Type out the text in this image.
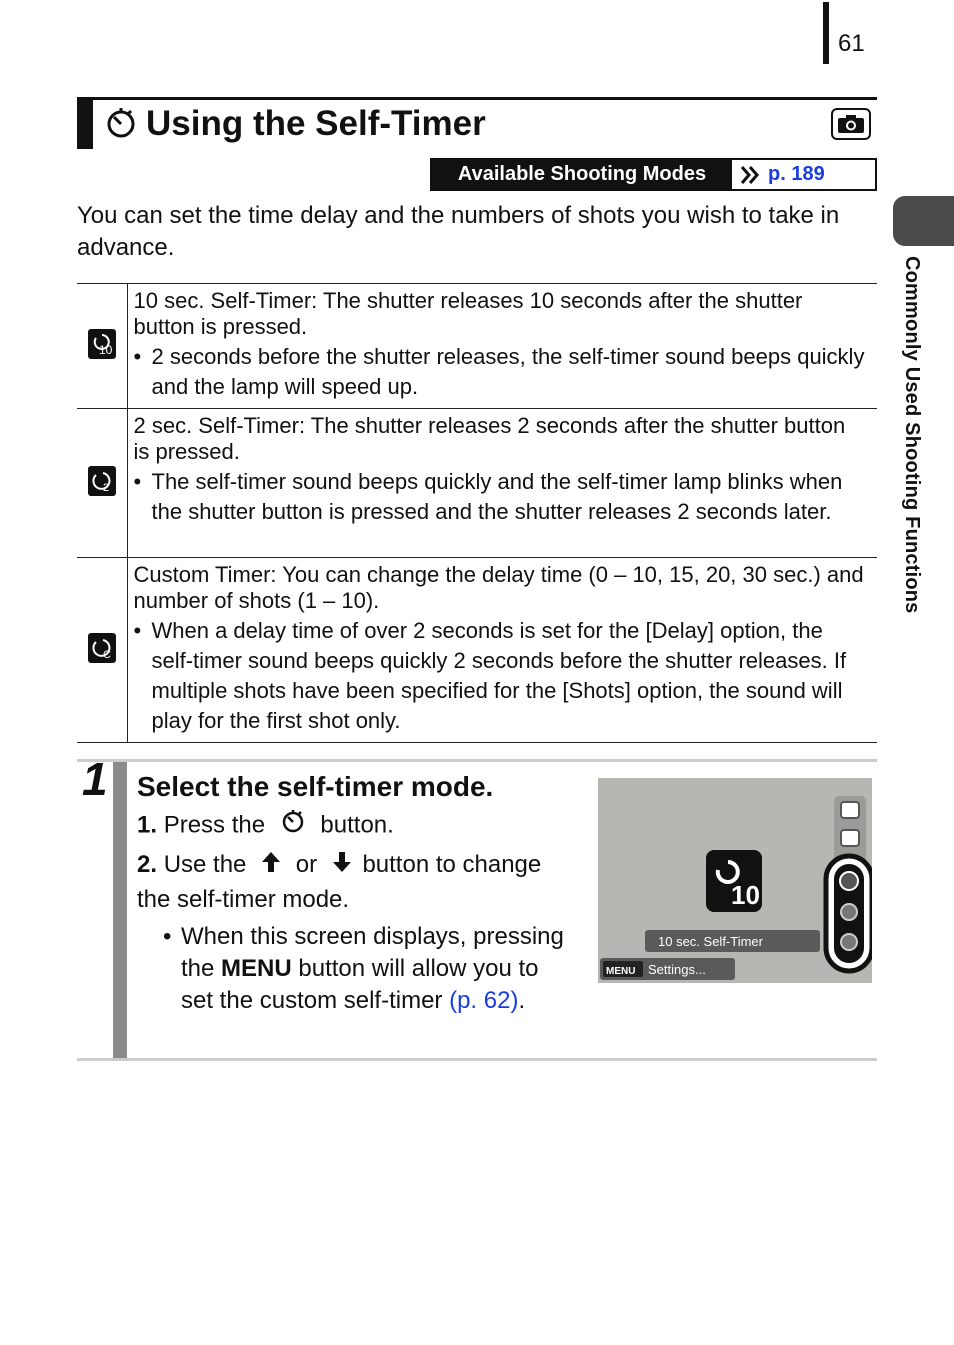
61
Commonly Used Shooting Functions
Using the Self-Timer
Available Shooting Modes	p. 189

You can set the time delay and the numbers of shots you wish to take in advance.

10	10 sec. Self-Timer: The shutter releases 10 seconds after the shutter button is pressed.
• 2 seconds before the shutter releases, the self-timer sound beeps quickly and the lamp will speed up.

2	2 sec. Self-Timer: The shutter releases 2 seconds after the shutter button is pressed.
• The self-timer sound beeps quickly and the self-timer lamp blinks when the shutter button is pressed and the shutter releases 2 seconds later.

C	Custom Timer: You can change the delay time (0 – 10, 15, 20, 30 sec.) and number of shots (1 – 10).
• When a delay time of over 2 seconds is set for the [Delay] option, the self-timer sound beeps quickly 2 seconds before the shutter releases. If multiple shots have been specified for the [Shots] option, the sound will play for the first shot only.
1 Select the self-timer mode.
1. Press the button.
2. Use the or button to change the self-timer mode.
• When this screen displays, pressing the MENU button will allow you to set the custom self-timer (p. 62).
10
10 sec. Self-Timer
MENU Settings...
